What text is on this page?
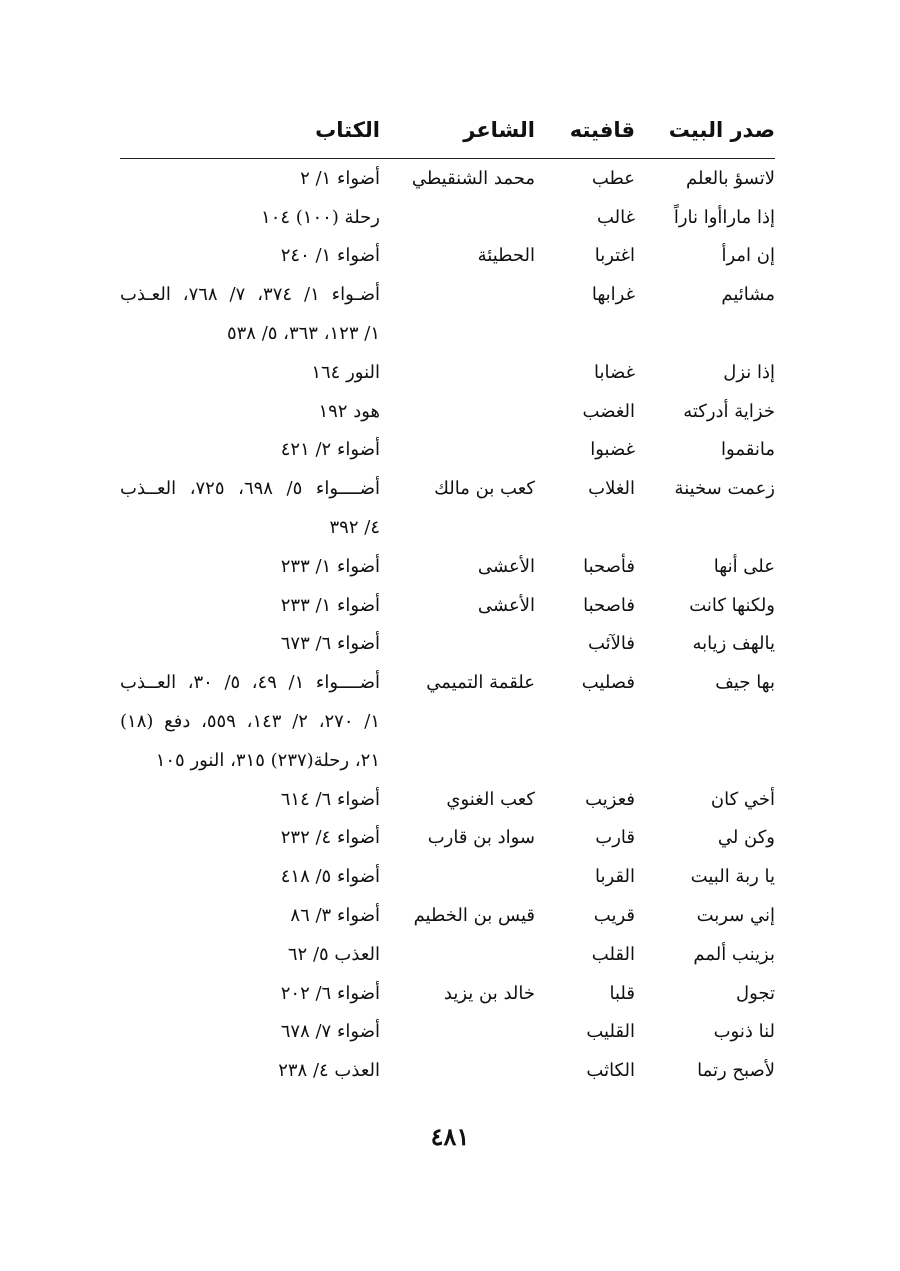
صدر البيت	قافيته	الشاعر	الكتاب
لاتسؤ بالعلم	عطب	محمد الشنقيطي	أضواء ١/ ٢
إذا ماراأوا ناراً	غالب		رحلة (١٠٠) ١٠٤
إن امرأ	اغتربا	الحطيئة	أضواء ١/ ٢٤٠
مشائيم	غرابها		أضـواء ١/ ٣٧٤، ٧/ ٧٦٨، العـذب
			١/ ١٢٣، ٣٦٣، ٥/ ٥٣٨
إذا نزل	غضابا		النور ١٦٤
خزاية أدركته	الغضب		هود ١٩٢
مانقموا	غضبوا		أضواء ٢/ ٤٢١
زعمت سخينة	الغلاب	كعب بن مالك	أضــــواء ٥/ ٦٩٨، ٧٢٥، العــذب
			٤/ ٣٩٢
على أنها	فأصحبا	الأعشى	أضواء ١/ ٢٣٣
ولكنها كانت	فاصحبا	الأعشى	أضواء ١/ ٢٣٣
يالهف زيابه	فالآئب		أضواء ٦/ ٦٧٣
بها جيف	فصليب	علقمة التميمي	أضــــواء ١/ ٤٩، ٥/ ٣٠، العــذب
			١/ ٢٧٠، ٢/ ١٤٣، ٥٥٩، دفع (١٨)
			٢١، رحلة(٢٣٧) ٣١٥، النور ١٠٥
أخي كان	فعزيب	كعب الغنوي	أضواء ٦/ ٦١٤
وكن لي	قارب	سواد بن قارب	أضواء ٤/ ٢٣٢
يا ربة البيت	القربا		أضواء ٥/ ٤١٨
إني سربت	قريب	قيس بن الخطيم	أضواء ٣/ ٨٦
بزينب ألمم	القلب		العذب ٥/ ٦٢
تجول	قلبا	خالد بن يزيد	أضواء ٦/ ٢٠٢
لنا ذنوب	القليب		أضواء ٧/ ٦٧٨
لأصبح رتما	الكاثب		العذب ٤/ ٢٣٨
٤٨١
